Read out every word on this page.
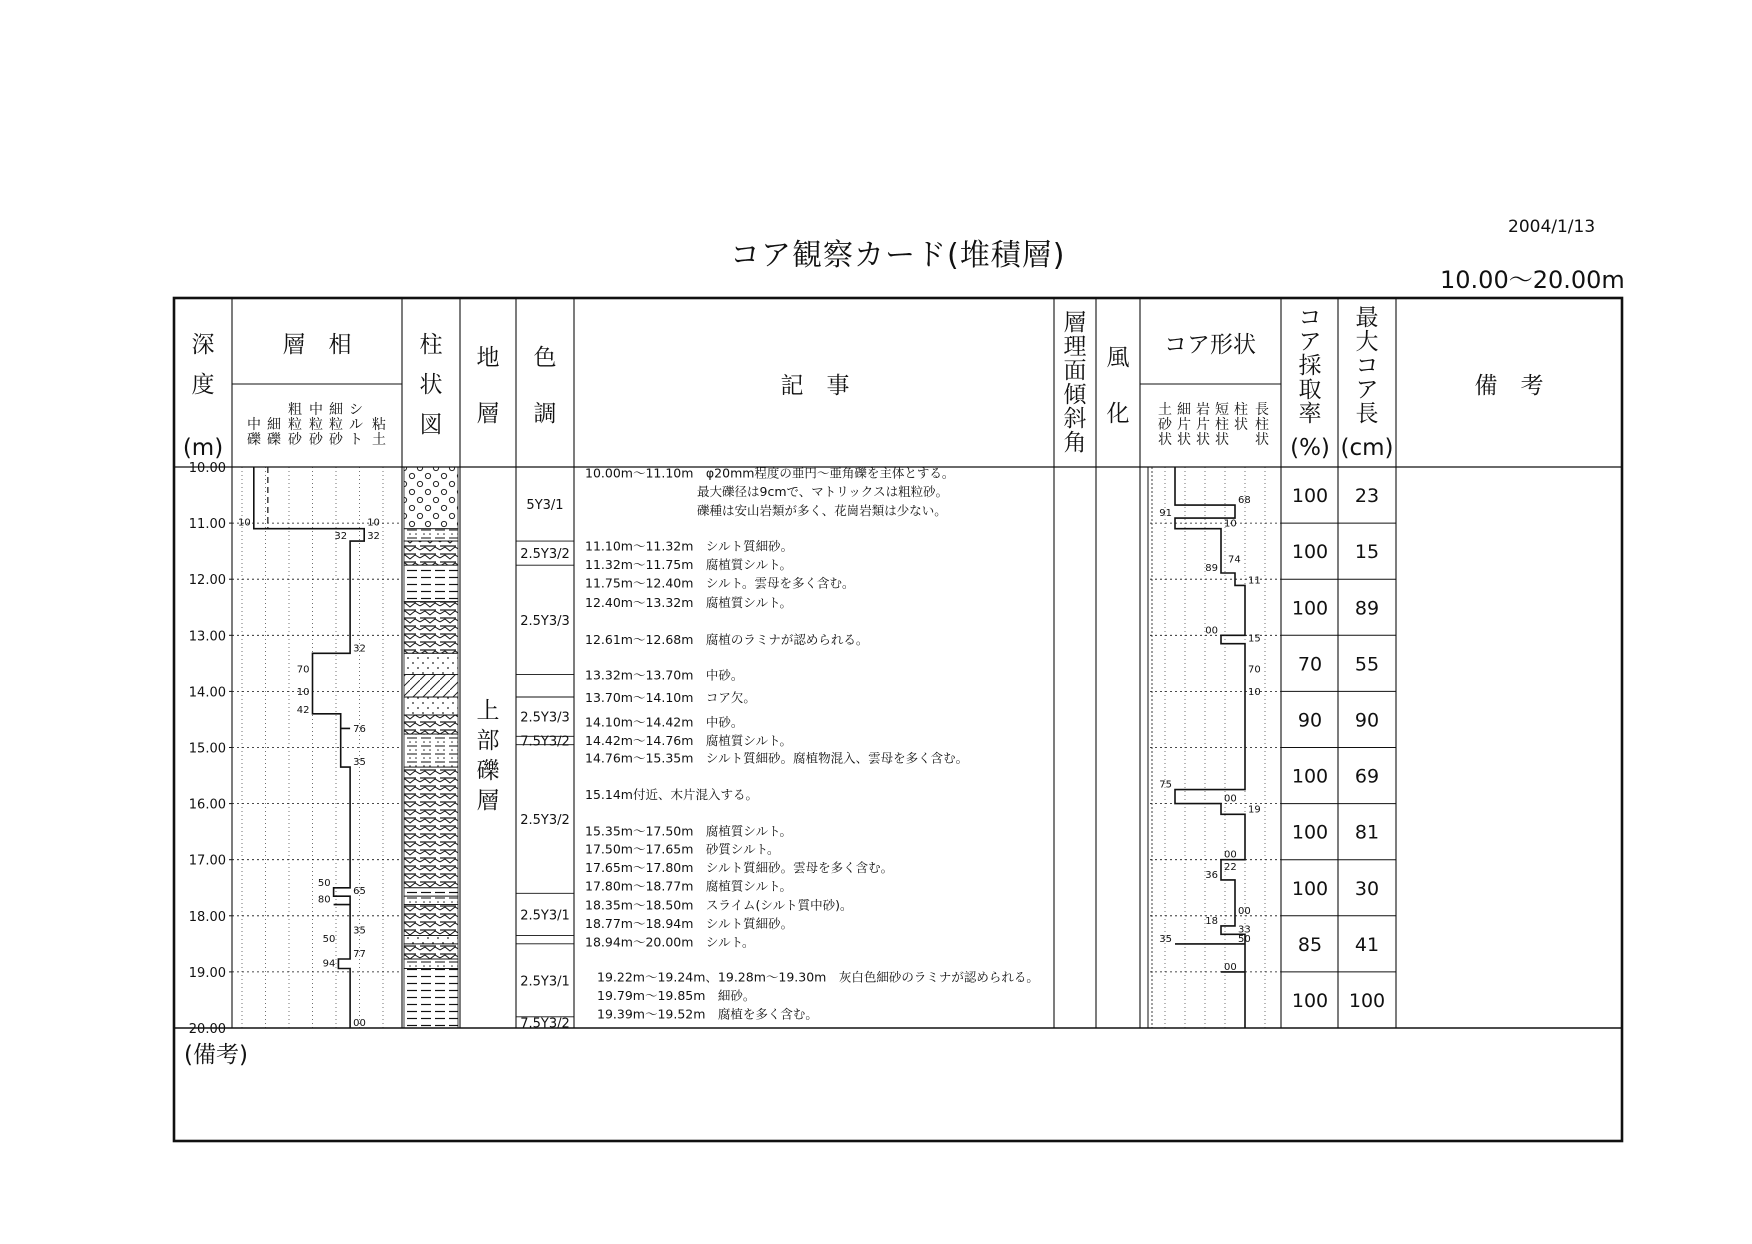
2004/1/13
コア観察カード(堆積層)
10.00〜20.00m
深
度
(m)
層　相
中
礫
細
礫
粗
粒
砂
中
粒
砂
細
粒
砂
シ
ル
ト
粘
土
柱
状
図
地
層
色
調
記　事
層
理
面
傾
斜
角
風
化
コア形状
土
砂
状
細
片
状
岩
片
状
短
柱
状
柱
状
長
柱
状
コ
ア
採
取
率
(%)
最
大
コ
ア
長
(cm)
備　考
10.00
11.00
12.00
13.00
14.00
15.00
16.00
17.00
18.00
19.00
20.00
10	10
32 32
32
70
10
42
76
35
50
65
80
35
50
77
94
00
68
91
10
74
89
11
00
15
70
10
75
00
19
00
22
36
00
18
33
35	50
00
上
部
礫
層
5Y3/1
2.5Y3/2
2.5Y3/3
2.5Y3/3
7.5Y3/2
2.5Y3/2
2.5Y3/1
2.5Y3/1
7.5Y3/2
10.00m〜11.10m　φ20mm程度の亜円〜亜角礫を主体とする。
最大礫径は9cmで、マトリックスは粗粒砂。
礫種は安山岩類が多く、花崗岩類は少ない。
11.10m〜11.32m　シルト質細砂。
11.32m〜11.75m　腐植質シルト。
11.75m〜12.40m　シルト。雲母を多く含む。
12.40m〜13.32m　腐植質シルト。
12.61m〜12.68m　腐植のラミナが認められる。
13.32m〜13.70m　中砂。
13.70m〜14.10m　コア欠。
14.10m〜14.42m　中砂。
14.42m〜14.76m　腐植質シルト。
14.76m〜15.35m　シルト質細砂。腐植物混入、雲母を多く含む。
15.14m付近、木片混入する。
15.35m〜17.50m　腐植質シルト。
17.50m〜17.65m　砂質シルト。
17.65m〜17.80m　シルト質細砂。雲母を多く含む。
17.80m〜18.77m　腐植質シルト。
18.35m〜18.50m　スライム(シルト質中砂)。
18.77m〜18.94m　シルト質細砂。
18.94m〜20.00m　シルト。
19.22m〜19.24m、19.28m〜19.30m　灰白色細砂のラミナが認められる。
19.79m〜19.85m　細砂。
19.39m〜19.52m　腐植を多く含む。
100 23
100 15
100 89
70 55
90 90
100 69
100 81
100 30
85 41
100 100
(備考)
